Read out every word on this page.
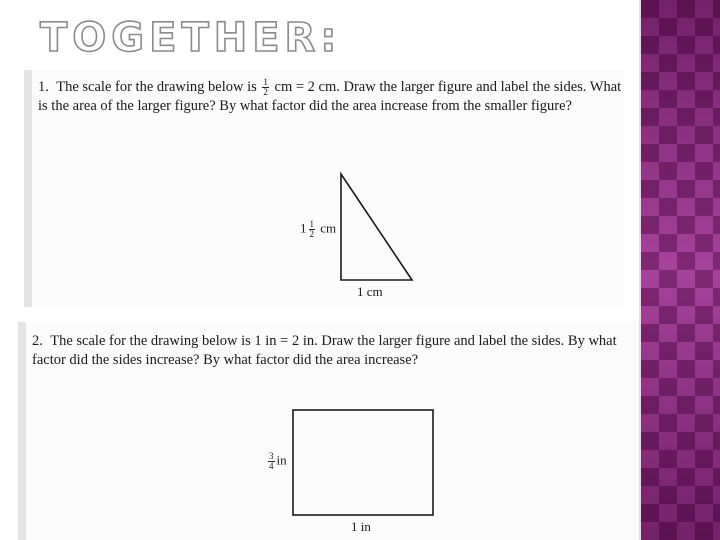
TOGETHER:

1. The scale for the drawing below is $\frac{1}{2}$ cm = 2 cm. Draw the larger figure and label the sides. What is the area of the larger figure? By what factor did the area increase from the smaller figure?

$1 \frac{1}{2}$ cm
1 cm

2. The scale for the drawing below is 1 in = 2 in. Draw the larger figure and label the sides. By what factor did the sides increase? By what factor did the area increase?

$\frac{3}{4}$ in
1 in
